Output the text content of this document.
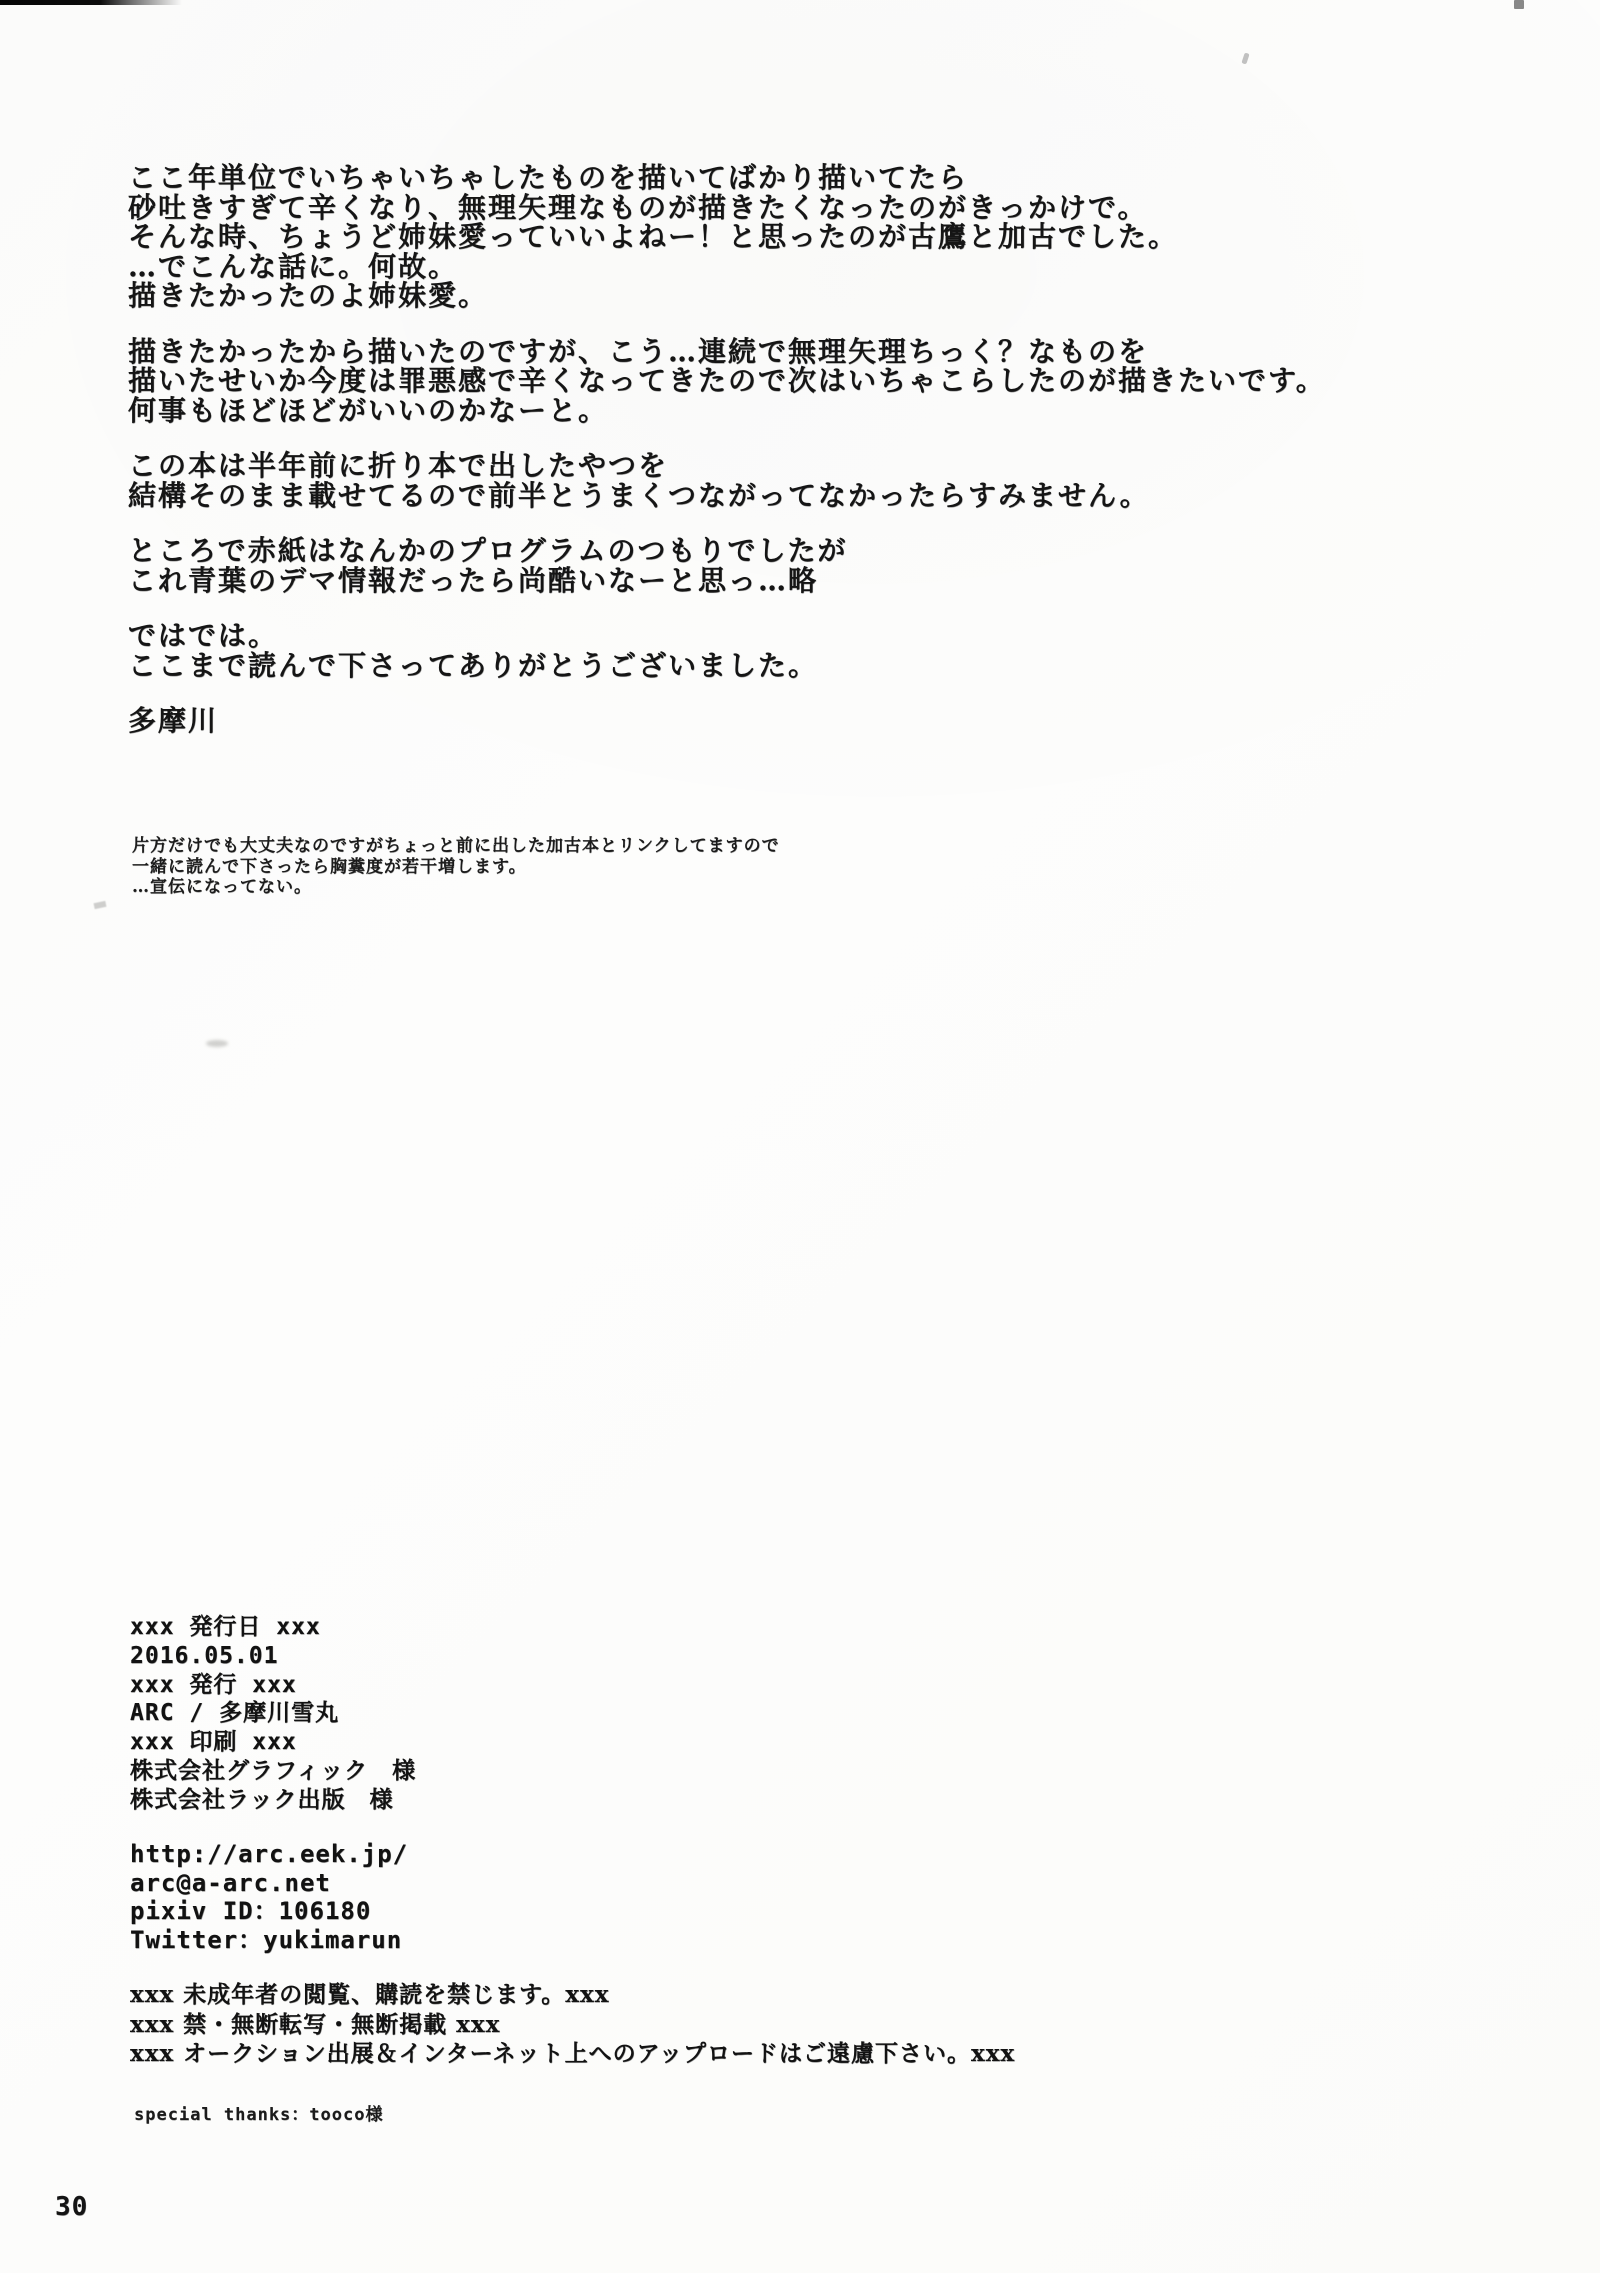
ここ年単位でいちゃいちゃしたものを描いてばかり描いてたら
砂吐きすぎて辛くなり、無理矢理なものが描きたくなったのがきっかけで。
そんな時、ちょうど姉妹愛っていいよねー！と思ったのが古鷹と加古でした。
…でこんな話に。何故。
描きたかったのよ姉妹愛。
描きたかったから描いたのですが、こう…連続で無理矢理ちっく？なものを
描いたせいか今度は罪悪感で辛くなってきたので次はいちゃこらしたのが描きたいです。
何事もほどほどがいいのかなーと。
この本は半年前に折り本で出したやつを
結構そのまま載せてるので前半とうまくつながってなかったらすみません。
ところで赤紙はなんかのプログラムのつもりでしたが
これ青葉のデマ情報だったら尚酷いなーと思っ…略
ではでは。
ここまで読んで下さってありがとうございました。
多摩川
片方だけでも大丈夫なのですがちょっと前に出した加古本とリンクしてますので
一緒に読んで下さったら胸糞度が若干増します。
…宣伝になってない。
xxx 発行日 xxx
2016.05.01
xxx 発行 xxx
ARC / 多摩川雪丸
xxx 印刷 xxx
株式会社グラフィック　様
株式会社ラック出版　様
http://arc.eek.jp/
arc@a-arc.net
pixiv ID：106180
Twitter：yukimarun
xxx 未成年者の閲覧、購読を禁じます。xxx
xxx 禁・無断転写・無断掲載 xxx
xxx オークション出展＆インターネット上へのアップロードはご遠慮下さい。xxx
special thanks：tooco様
30
